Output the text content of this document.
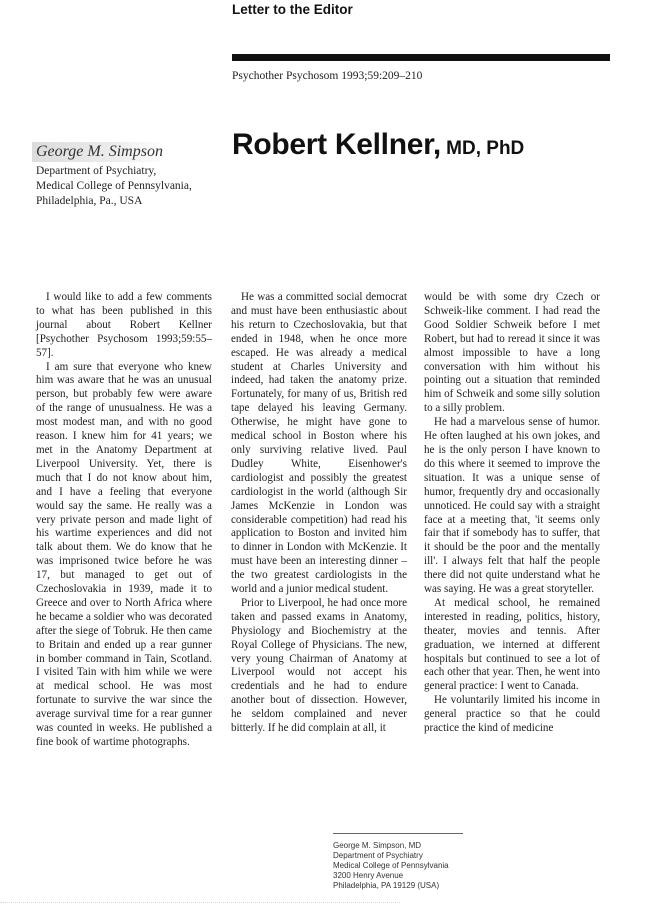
Letter to the Editor
Psychother Psychosom 1993;59:209–210
George M. Simpson
Department of Psychiatry,
Medical College of Pennsylvania,
Philadelphia, Pa., USA
Robert Kellner, MD, PhD

I would like to add a few comments to what has been published in this journal about Robert Kellner [Psychother Psychosom 1993;59:55–57].

I am sure that everyone who knew him was aware that he was an unusual person, but probably few were aware of the range of unusualness. He was a most modest man, and with no good reason. I knew him for 41 years; we met in the Anatomy Department at Liverpool University. Yet, there is much that I do not know about him, and I have a feeling that everyone would say the same. He really was a very private person and made light of his wartime experiences and did not talk about them. We do know that he was imprisoned twice before he was 17, but managed to get out of Czechoslovakia in 1939, made it to Greece and over to North Africa where he became a soldier who was decorated after the siege of Tobruk. He then came to Britain and ended up a rear gunner in bomber command in Tain, Scotland. I visited Tain with him while we were at medical school. He was most fortunate to survive the war since the average survival time for a rear gunner was counted in weeks. He published a fine book of wartime photographs.

He was a committed social democrat and must have been enthusiastic about his return to Czechoslovakia, but that ended in 1948, when he once more escaped. He was already a medical student at Charles University and indeed, had taken the anatomy prize. Fortunately, for many of us, British red tape delayed his leaving Germany. Otherwise, he might have gone to medical school in Boston where his only surviving relative lived. Paul Dudley White, Eisenhower's cardiologist and possibly the greatest cardiologist in the world (although Sir James McKenzie in London was considerable competition) had read his application to Boston and invited him to dinner in London with McKenzie. It must have been an interesting dinner – the two greatest cardiologists in the world and a junior medical student.

Prior to Liverpool, he had once more taken and passed exams in Anatomy, Physiology and Biochemistry at the Royal College of Physicians. The new, very young Chairman of Anatomy at Liverpool would not accept his credentials and he had to endure another bout of dissection. However, he seldom complained and never bitterly. If he did complain at all, it

would be with some dry Czech or Schweik-like comment. I had read the Good Soldier Schweik before I met Robert, but had to reread it since it was almost impossible to have a long conversation with him without his pointing out a situation that reminded him of Schweik and some silly solution to a silly problem.

He had a marvelous sense of humor. He often laughed at his own jokes, and he is the only person I have known to do this where it seemed to improve the situation. It was a unique sense of humor, frequently dry and occasionally unnoticed. He could say with a straight face at a meeting that, 'it seems only fair that if somebody has to suffer, that it should be the poor and the mentally ill'. I always felt that half the people there did not quite understand what he was saying. He was a great storyteller.

At medical school, he remained interested in reading, politics, history, theater, movies and tennis. After graduation, we interned at different hospitals but continued to see a lot of each other that year. Then, he went into general practice: I went to Canada.

He voluntarily limited his income in general practice so that he could practice the kind of medicine

George M. Simpson, MD
Department of Psychiatry
Medical College of Pennsylvania
3200 Henry Avenue
Philadelphia, PA 19129 (USA)
